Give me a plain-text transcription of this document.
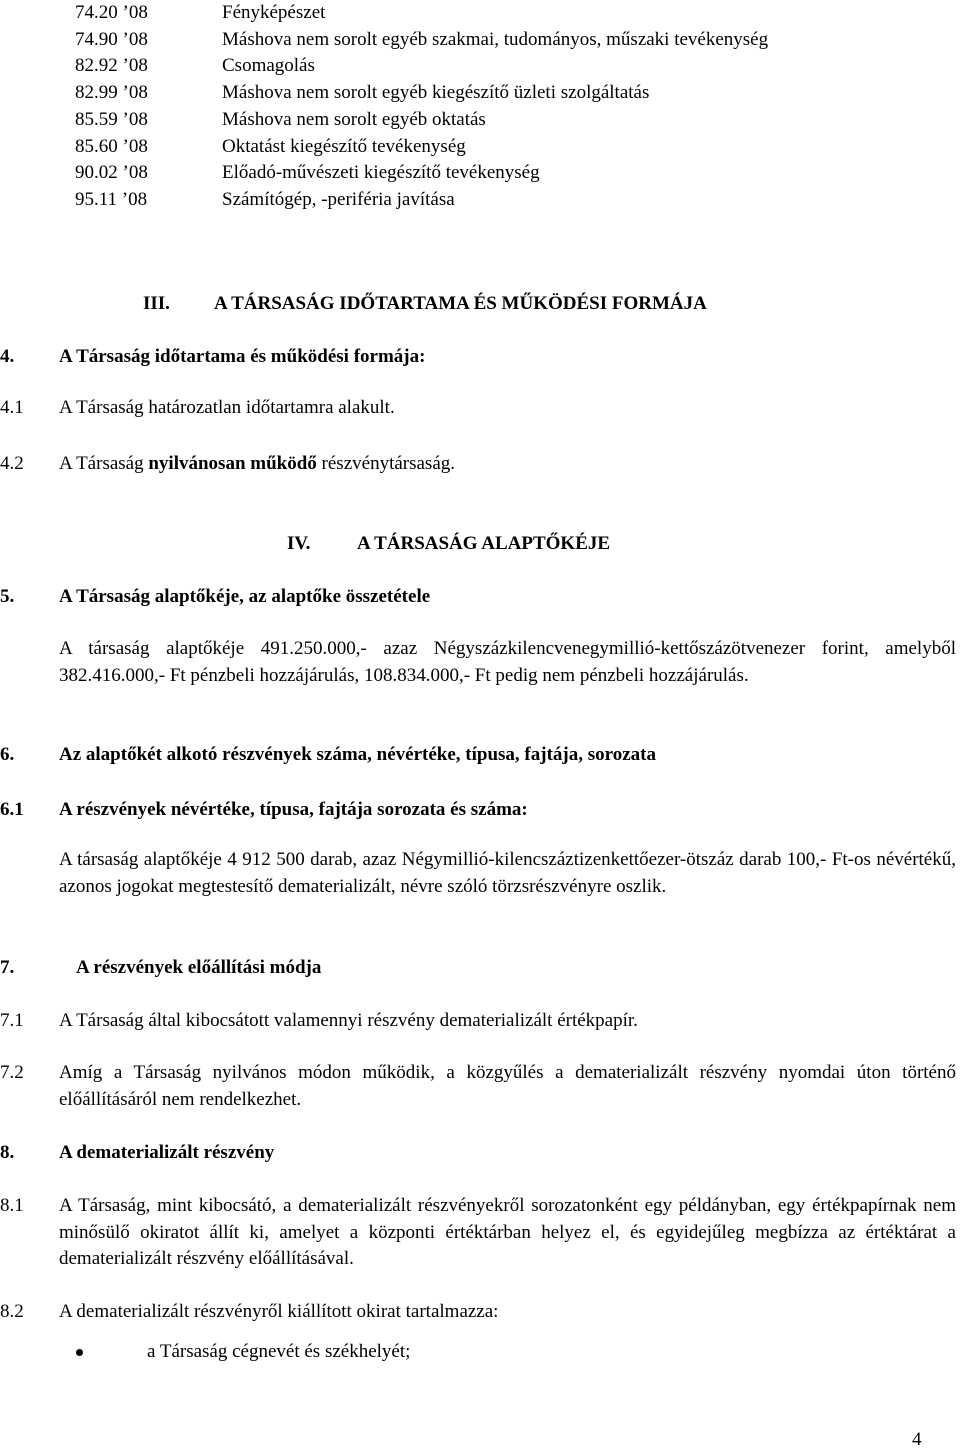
74.20 ’08	Fényképészet
74.90 ’08	Máshova nem sorolt egyéb szakmai, tudományos, műszaki tevékenység
82.92 ’08	Csomagolás
82.99 ’08	Máshova nem sorolt egyéb kiegészítő üzleti szolgáltatás
85.59 ’08	Máshova nem sorolt egyéb oktatás
85.60 ’08	Oktatást kiegészítő tevékenység
90.02 ’08	Előadó-művészeti kiegészítő tevékenység
95.11 ’08	Számítógép, -periféria javítása
III. A TÁRSASÁG IDŐTARTAMA ÉS MŰKÖDÉSI FORMÁJA
4. A Társaság időtartama és működési formája:
4.1 A Társaság határozatlan időtartamra alakult.
4.2 A Társaság nyilvánosan működő részvénytársaság.
IV. A TÁRSASÁG ALAPTŐKÉJE
5. A Társaság alaptőkéje, az alaptőke összetétele
A társaság alaptőkéje 491.250.000,- azaz Négyszázkilencvenegymillió-kettőszázötvenezer forint, amelyből 382.416.000,- Ft pénzbeli hozzájárulás, 108.834.000,- Ft pedig nem pénzbeli hozzájárulás.
6. Az alaptőkét alkotó részvények száma, névértéke, típusa, fajtája, sorozata
6.1 A részvények névértéke, típusa, fajtája sorozata és száma:
A társaság alaptőkéje 4 912 500 darab, azaz Négymillió-kilencszáztizenkettőezer-ötszáz darab 100,- Ft-os névértékű, azonos jogokat megtestesítő dematerializált, névre szóló törzsrészvényre oszlik.
7.	A részvények előállítási módja
7.1 A Társaság által kibocsátott valamennyi részvény dematerializált értékpapír.
7.2 Amíg a Társaság nyilvános módon működik, a közgyűlés a dematerializált részvény nyomdai úton történő előállításáról nem rendelkezhet.
8. A dematerializált részvény
8.1 A Társaság, mint kibocsátó, a dematerializált részvényekről sorozatonként egy példányban, egy értékpapírnak nem minősülő okiratot állít ki, amelyet a központi értéktárban helyez el, és egyidejűleg megbízza az értéktárat a dematerializált részvény előállításával.
8.2 A dematerializált részvényről kiállított okirat tartalmazza:
a Társaság cégnevét és székhelyét;
4
